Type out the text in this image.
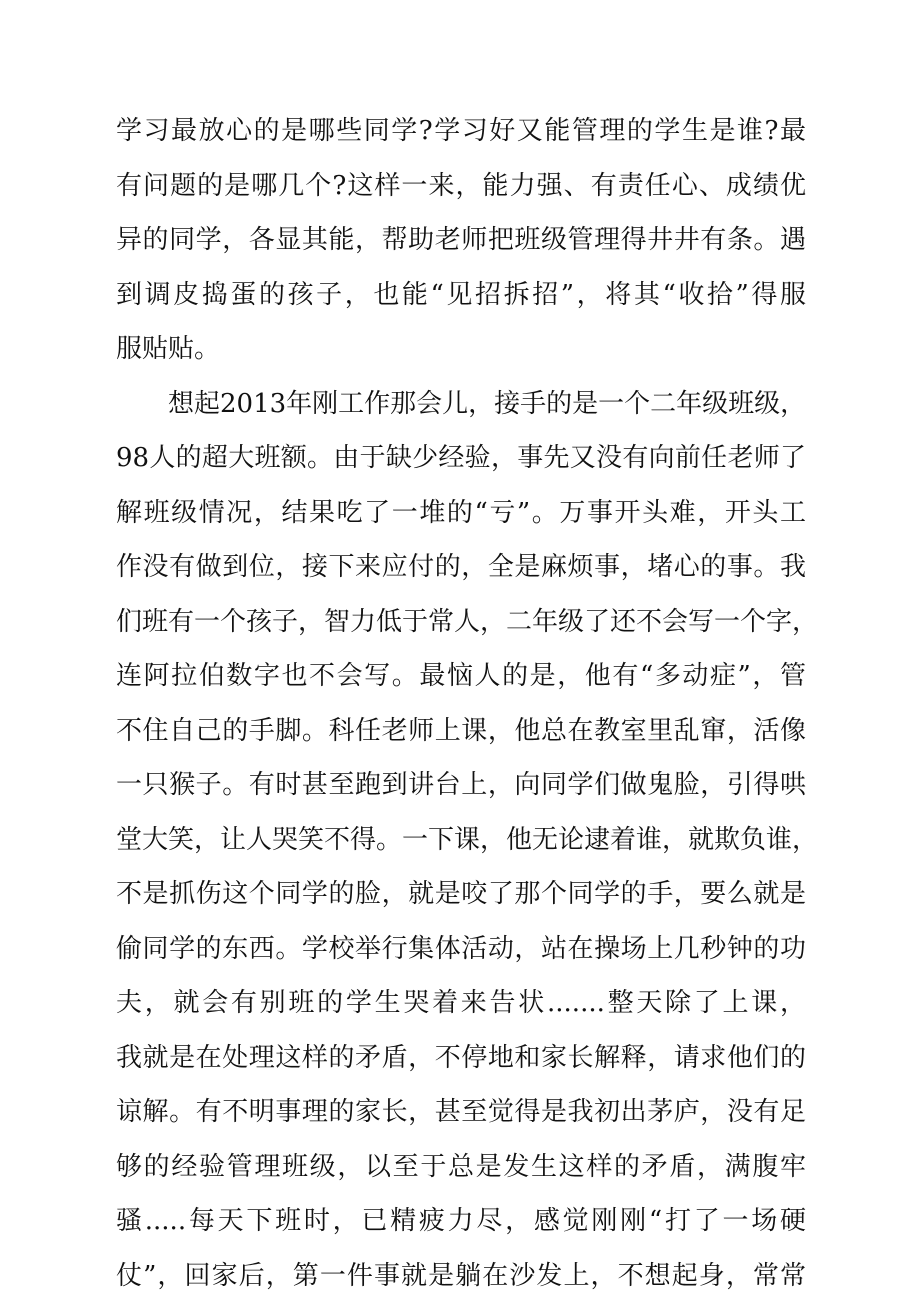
学习最放心的是哪些同学?学习好又能管理的学生是谁?最
有问题的是哪几个?这样一来，能力强、有责任心、成绩优
异的同学，各显其能，帮助老师把班级管理得井井有条。遇
到调皮捣蛋的孩子，也能“见招拆招”，将其“收拾”得服
服贴贴。
想起2013年刚工作那会儿，接手的是一个二年级班级，
98人的超大班额。由于缺少经验，事先又没有向前任老师了
解班级情况，结果吃了一堆的“亏”。万事开头难，开头工
作没有做到位，接下来应付的，全是麻烦事，堵心的事。我
们班有一个孩子，智力低于常人，二年级了还不会写一个字，
连阿拉伯数字也不会写。最恼人的是，他有“多动症”，管
不住自己的手脚。科任老师上课，他总在教室里乱窜，活像
一只猴子。有时甚至跑到讲台上，向同学们做鬼脸，引得哄
堂大笑，让人哭笑不得。一下课，他无论逮着谁，就欺负谁，
不是抓伤这个同学的脸，就是咬了那个同学的手，要么就是
偷同学的东西。学校举行集体活动，站在操场上几秒钟的功
夫，就会有别班的学生哭着来告状.......整天除了上课，
我就是在处理这样的矛盾，不停地和家长解释，请求他们的
谅解。有不明事理的家长，甚至觉得是我初出茅庐，没有足
够的经验管理班级，以至于总是发生这样的矛盾，满腹牢
骚.....每天下班时，已精疲力尽，感觉刚刚“打了一场硬
仗”，回家后，第一件事就是躺在沙发上，不想起身，常常
